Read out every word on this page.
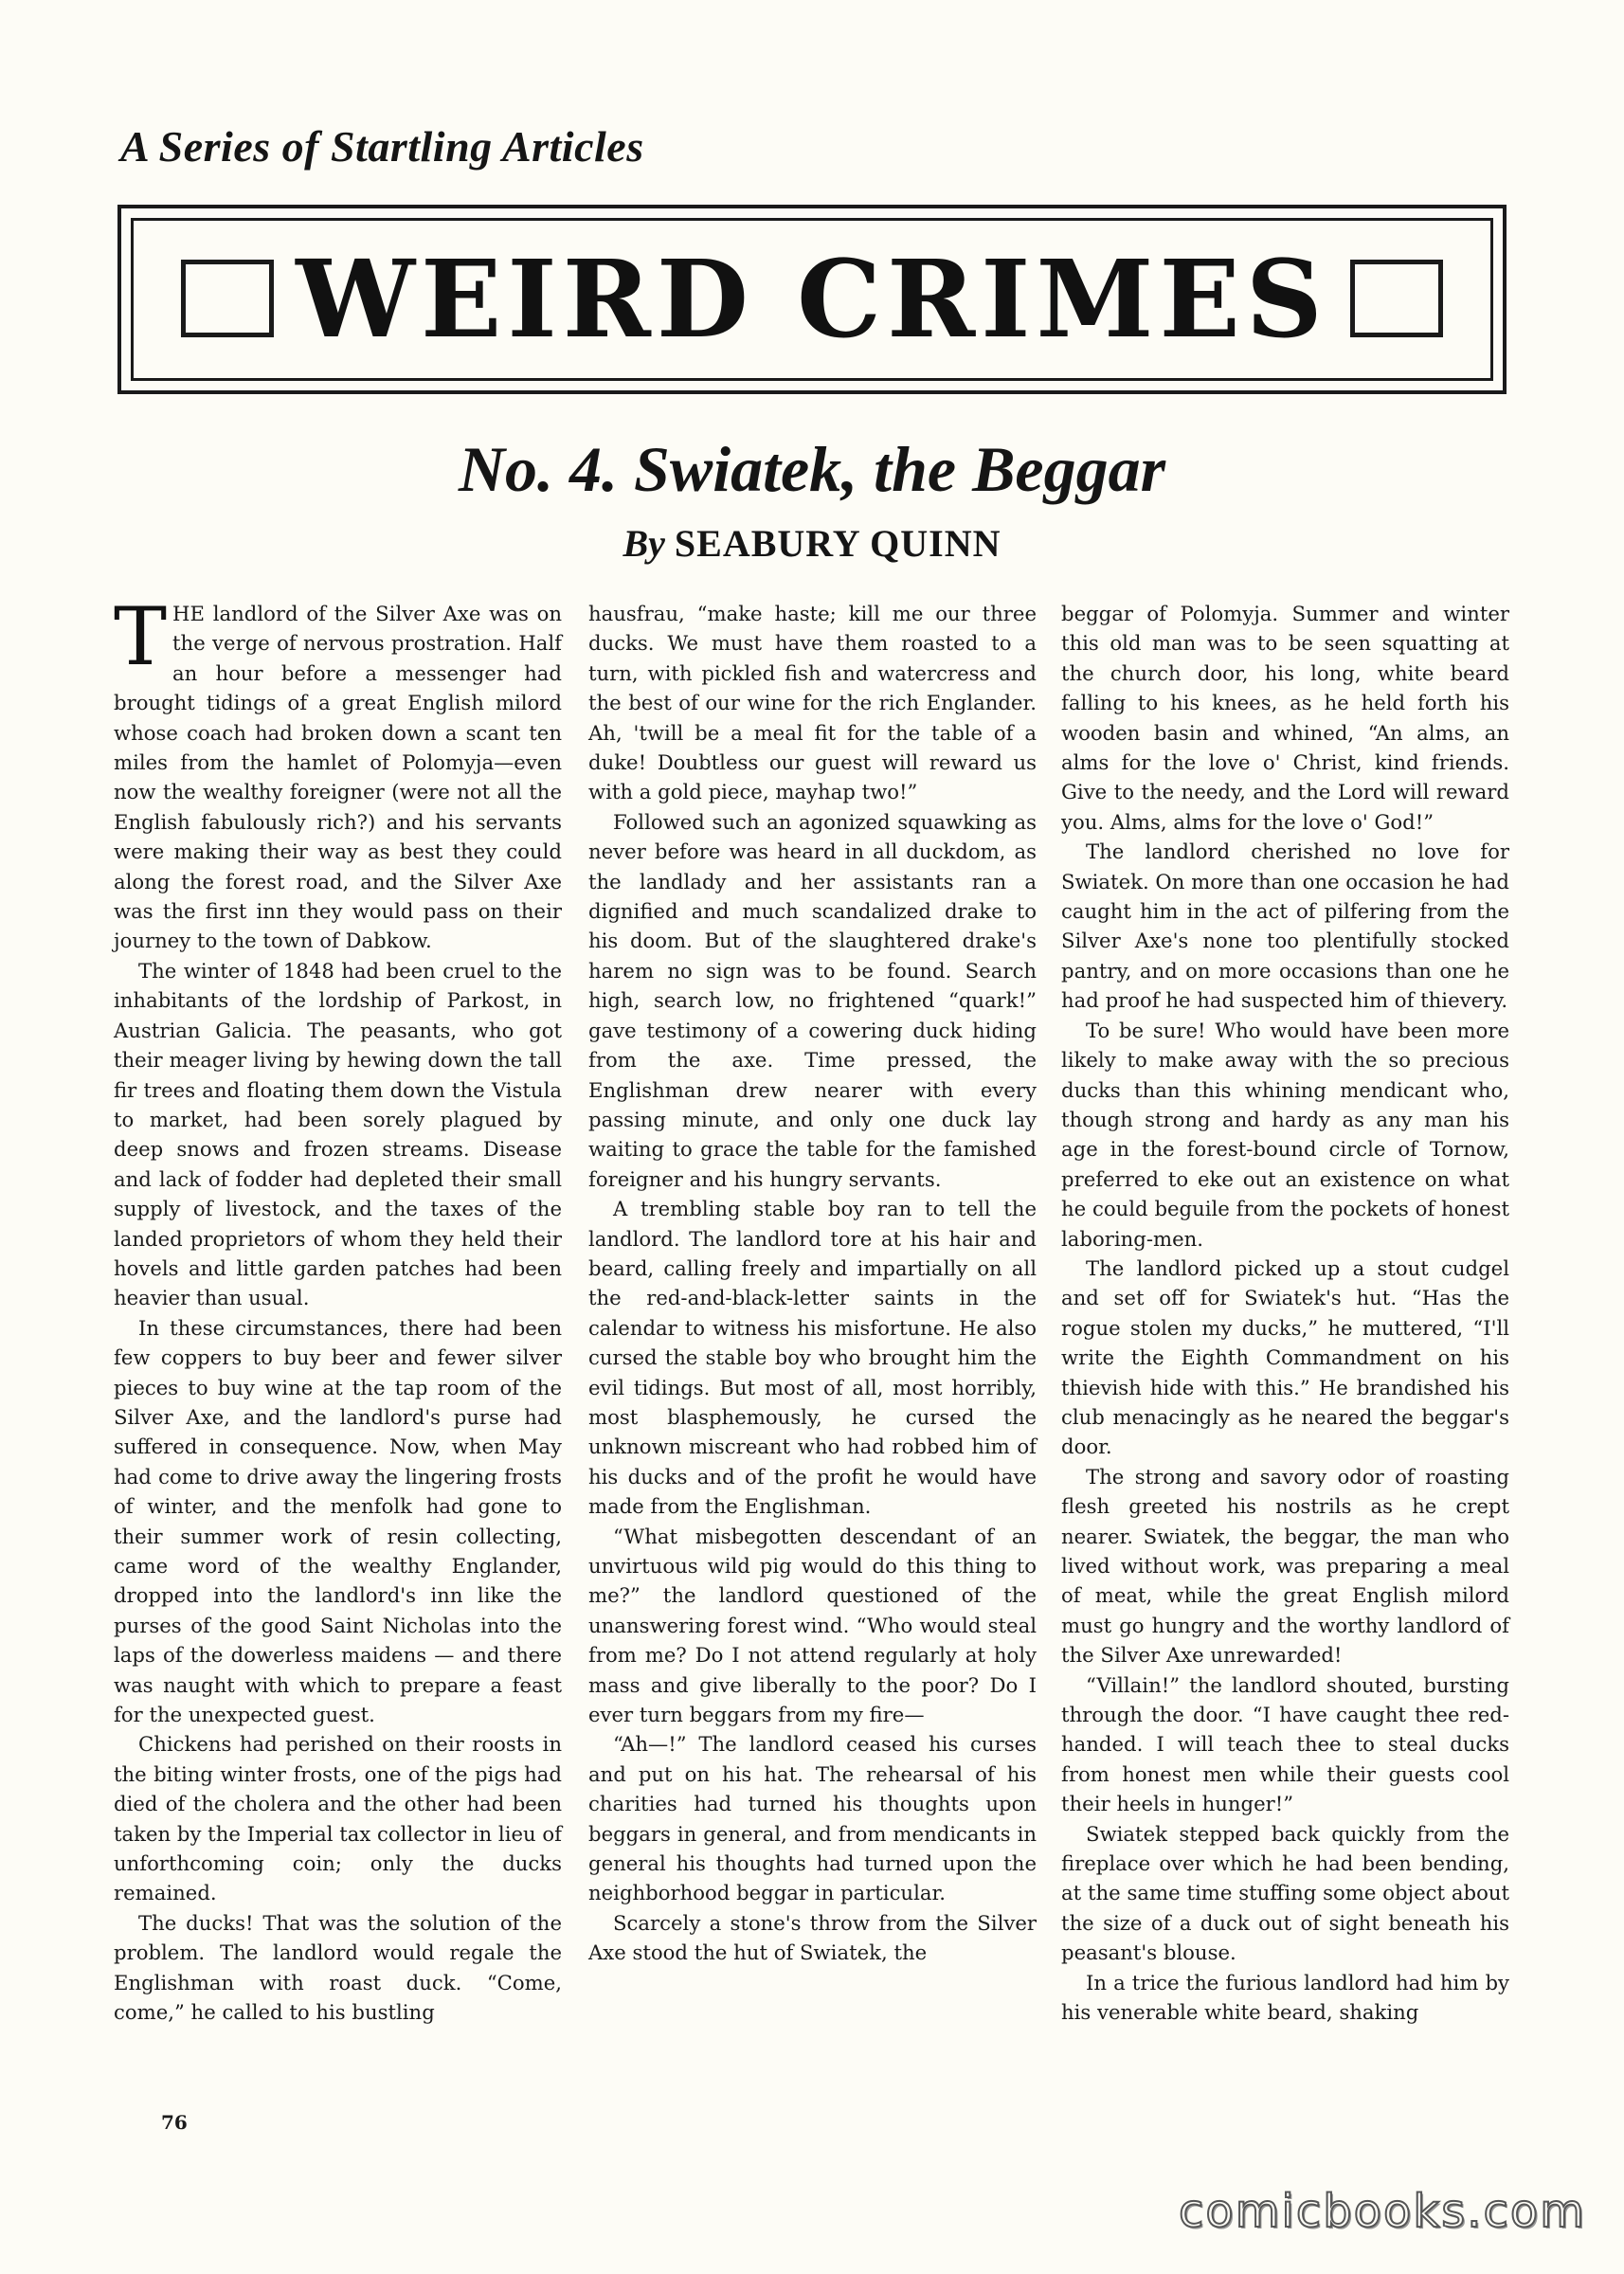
A Series of Startling Articles
WEIRD CRIMES
No. 4. Swiatek, the Beggar
By SEABURY QUINN

THE landlord of the Silver Axe was on the verge of nervous prostration. Half an hour before a messenger had brought tidings of a great English milord whose coach had broken down a scant ten miles from the hamlet of Polomyja—even now the wealthy foreigner (were not all the English fabulously rich?) and his servants were making their way as best they could along the forest road, and the Silver Axe was the first inn they would pass on their journey to the town of Dabkow.

The winter of 1848 had been cruel to the inhabitants of the lordship of Parkost, in Austrian Galicia. The peasants, who got their meager living by hewing down the tall fir trees and floating them down the Vistula to market, had been sorely plagued by deep snows and frozen streams. Disease and lack of fodder had depleted their small supply of livestock, and the taxes of the landed proprietors of whom they held their hovels and little garden patches had been heavier than usual.

In these circumstances, there had been few coppers to buy beer and fewer silver pieces to buy wine at the tap room of the Silver Axe, and the landlord's purse had suffered in consequence. Now, when May had come to drive away the lingering frosts of winter, and the menfolk had gone to their summer work of resin collecting, came word of the wealthy Englander, dropped into the landlord's inn like the purses of the good Saint Nicholas into the laps of the dowerless maidens — and there was naught with which to prepare a feast for the unexpected guest.

Chickens had perished on their roosts in the biting winter frosts, one of the pigs had died of the cholera and the other had been taken by the Imperial tax collector in lieu of unforthcoming coin; only the ducks remained.

The ducks! That was the solution of the problem. The landlord would regale the Englishman with roast duck. “Come, come,” he called to his bustling

hausfrau, “make haste; kill me our three ducks. We must have them roasted to a turn, with pickled fish and watercress and the best of our wine for the rich Englander. Ah, 'twill be a meal fit for the table of a duke! Doubtless our guest will reward us with a gold piece, mayhap two!”

Followed such an agonized squawking as never before was heard in all duckdom, as the landlady and her assistants ran a dignified and much scandalized drake to his doom. But of the slaughtered drake's harem no sign was to be found. Search high, search low, no frightened “quark!” gave testimony of a cowering duck hiding from the axe. Time pressed, the Englishman drew nearer with every passing minute, and only one duck lay waiting to grace the table for the famished foreigner and his hungry servants.

A trembling stable boy ran to tell the landlord. The landlord tore at his hair and beard, calling freely and impartially on all the red-and-black-letter saints in the calendar to witness his misfortune. He also cursed the stable boy who brought him the evil tidings. But most of all, most horribly, most blasphemously, he cursed the unknown miscreant who had robbed him of his ducks and of the profit he would have made from the Englishman.

“What misbegotten descendant of an unvirtuous wild pig would do this thing to me?” the landlord questioned of the unanswering forest wind. “Who would steal from me? Do I not attend regularly at holy mass and give liberally to the poor? Do I ever turn beggars from my fire—

“Ah—!” The landlord ceased his curses and put on his hat. The rehearsal of his charities had turned his thoughts upon beggars in general, and from mendicants in general his thoughts had turned upon the neighborhood beggar in particular.

Scarcely a stone's throw from the Silver Axe stood the hut of Swiatek, the

beggar of Polomyja. Summer and winter this old man was to be seen squatting at the church door, his long, white beard falling to his knees, as he held forth his wooden basin and whined, “An alms, an alms for the love o' Christ, kind friends. Give to the needy, and the Lord will reward you. Alms, alms for the love o' God!”

The landlord cherished no love for Swiatek. On more than one occasion he had caught him in the act of pilfering from the Silver Axe's none too plentifully stocked pantry, and on more occasions than one he had proof he had suspected him of thievery.

To be sure! Who would have been more likely to make away with the so precious ducks than this whining mendicant who, though strong and hardy as any man his age in the forest-bound circle of Tornow, preferred to eke out an existence on what he could beguile from the pockets of honest laboring-men.

The landlord picked up a stout cudgel and set off for Swiatek's hut. “Has the rogue stolen my ducks,” he muttered, “I'll write the Eighth Commandment on his thievish hide with this.” He brandished his club menacingly as he neared the beggar's door.

The strong and savory odor of roasting flesh greeted his nostrils as he crept nearer. Swiatek, the beggar, the man who lived without work, was preparing a meal of meat, while the great English milord must go hungry and the worthy landlord of the Silver Axe unrewarded!

“Villain!” the landlord shouted, bursting through the door. “I have caught thee red-handed. I will teach thee to steal ducks from honest men while their guests cool their heels in hunger!”

Swiatek stepped back quickly from the fireplace over which he had been bending, at the same time stuffing some object about the size of a duck out of sight beneath his peasant's blouse.

In a trice the furious landlord had him by his venerable white beard, shaking

76
comicbooks.com
